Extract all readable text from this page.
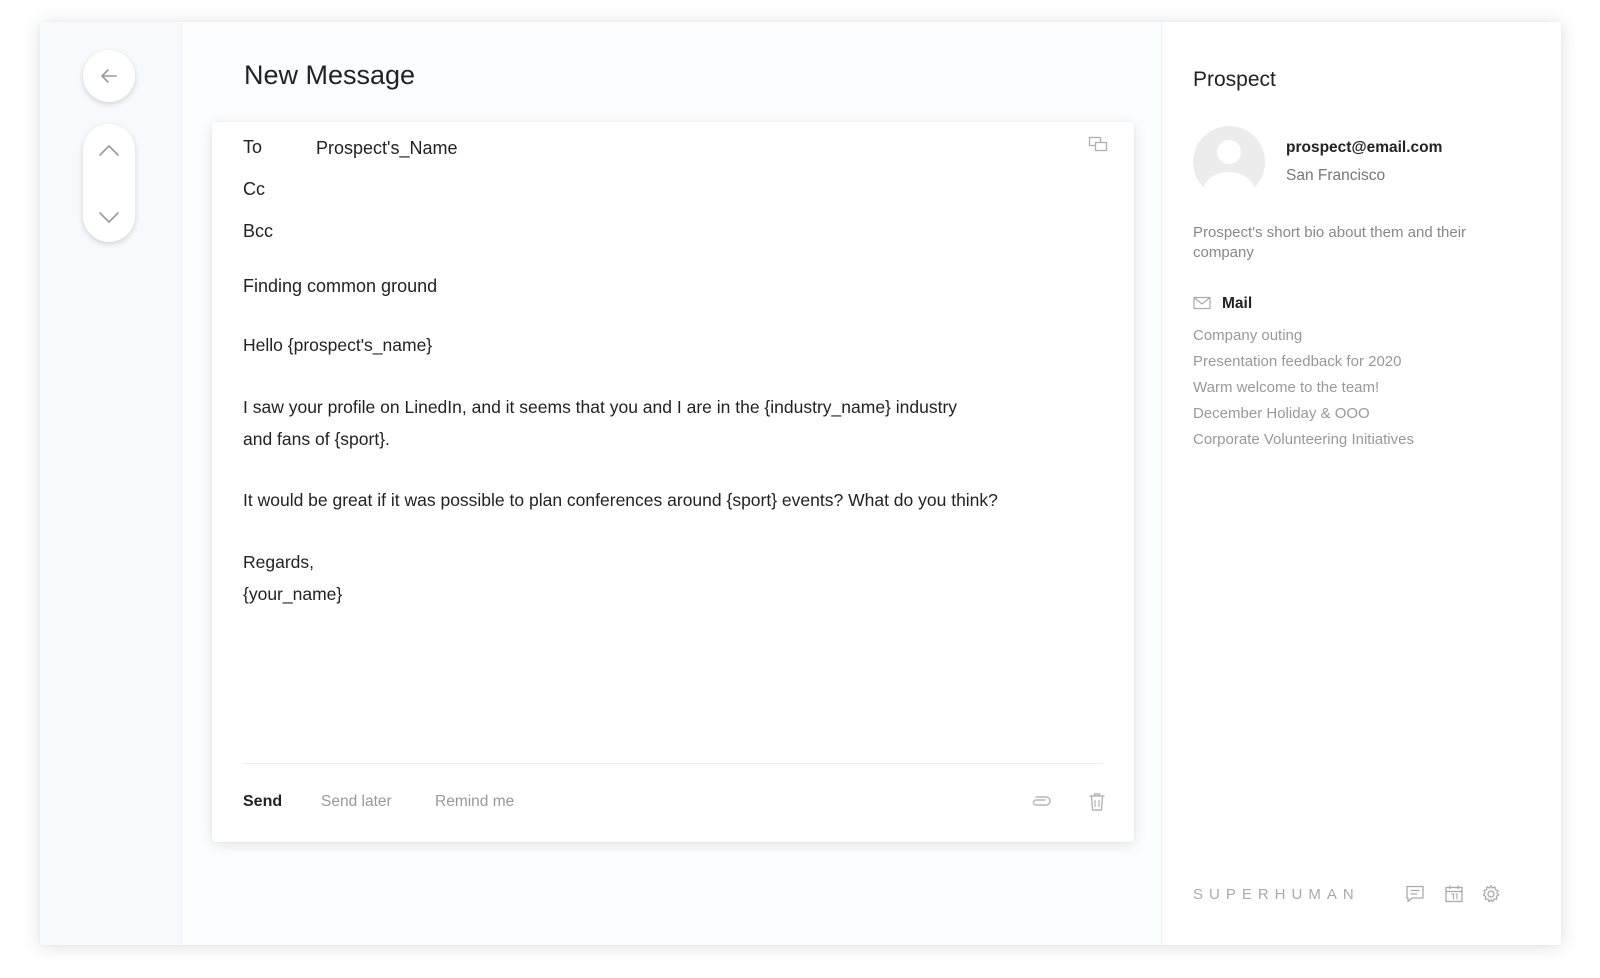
New Message
To	Prospect's_Name
Cc
Bcc
Finding common ground
Hello {prospect's_name}
I saw your profile on LinedIn, and it seems that you and I are in the {industry_name} industry
and fans of {sport}.
It would be great if it was possible to plan conferences around {sport} events? What do you think?
Regards,
{your_name}
Send	Send later	Remind me
Prospect
prospect@email.com
San Francisco
Prospect's short bio about them and their company
Mail
Company outing
Presentation feedback for 2020
Warm welcome to the team!
December Holiday & OOO
Corporate Volunteering Initiatives
SUPERHUMAN
